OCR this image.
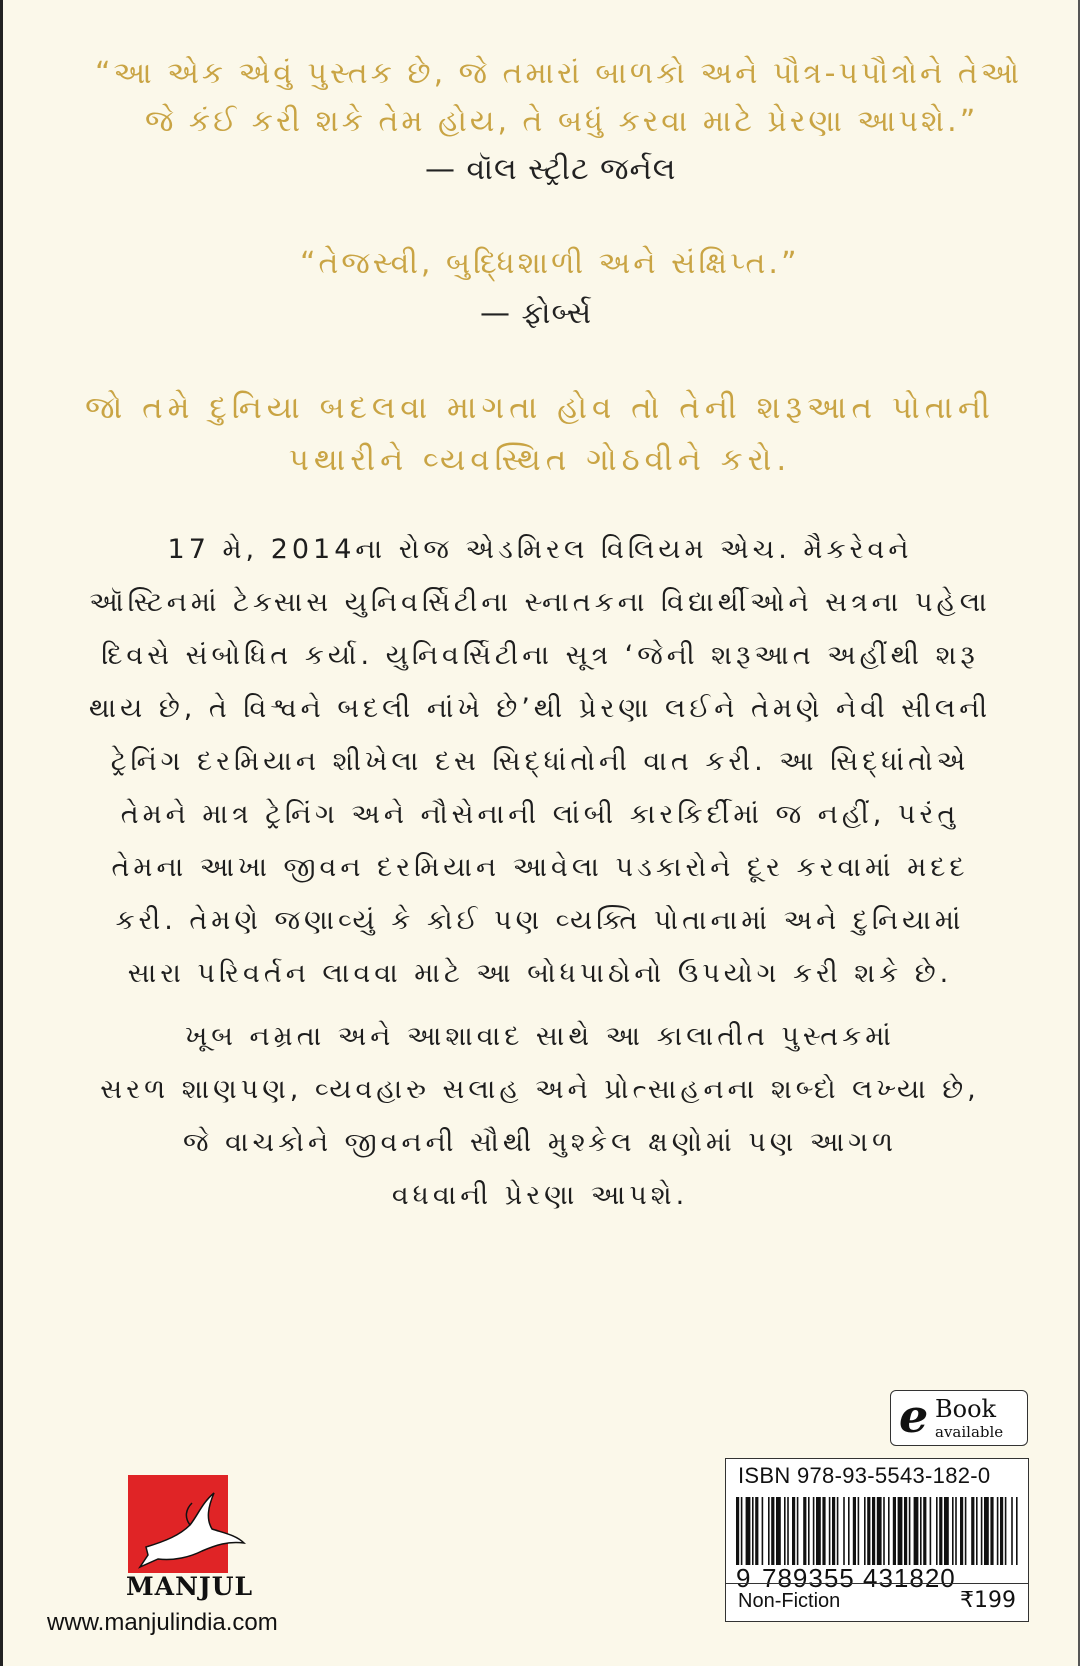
“આ એક એવું પુસ્તક છે, જે તમારાં બાળકો અને પૌત્ર-પપૌત્રોને તેઓ
જે કંઈ કરી શકે તેમ હોય, તે બધું કરવા માટે પ્રેરણા આપશે.”
— વૉલ સ્ટ્રીટ જર્નલ
“તેજસ્વી, બુદ્ધિશાળી અને સંક્ષિપ્ત.”
— ફોર્બ્સ
જો તમે દુનિયા બદલવા માગતા હોવ તો તેની શરૂઆત પોતાની
પથારીને વ્યવસ્થિત ગોઠવીને કરો.
17 મે, 2014ના રોજ એડમિરલ વિલિયમ એચ. મૈકરેવને
ઑસ્ટિનમાં ટેક્સાસ યુનિવર્સિટીના સ્નાતકના વિદ્યાર્થીઓને સત્રના પહેલા
દિવસે સંબોધિત કર્યા. યુનિવર્સિટીના સૂત્ર ‘જેની શરૂઆત અહીંથી શરૂ
થાય છે, તે વિશ્વને બદલી નાંખે છે’થી પ્રેરણા લઈને તેમણે નેવી સીલની
ટ્રેનિંગ દરમિયાન શીખેલા દસ સિદ્ધાંતોની વાત કરી. આ સિદ્ધાંતોએ
તેમને માત્ર ટ્રેનિંગ અને નૌસેનાની લાંબી કારકિર્દીમાં જ નહીં, પરંતુ
તેમના આખા જીવન દરમિયાન આવેલા પડકારોને દૂર કરવામાં મદદ
કરી. તેમણે જણાવ્યું કે કોઈ પણ વ્યક્તિ પોતાનામાં અને દુનિયામાં
સારા પરિવર્તન લાવવા માટે આ બોધપાઠોનો ઉપયોગ કરી શકે છે.
ખૂબ નમ્રતા અને આશાવાદ સાથે આ કાલાતીત પુસ્તકમાં
સરળ શાણપણ, વ્યવહારુ સલાહ અને પ્રોત્સાહનના શબ્દો લખ્યા છે,
જે વાચકોને જીવનની સૌથી મુશ્કેલ ક્ષણોમાં પણ આગળ
વધવાની પ્રેરણા આપશે.
e Book
available
ISBN 978-93-5543-182-0
9 789355 431820
Non-Fiction	₹199
MANJUL
www.manjulindia.com
